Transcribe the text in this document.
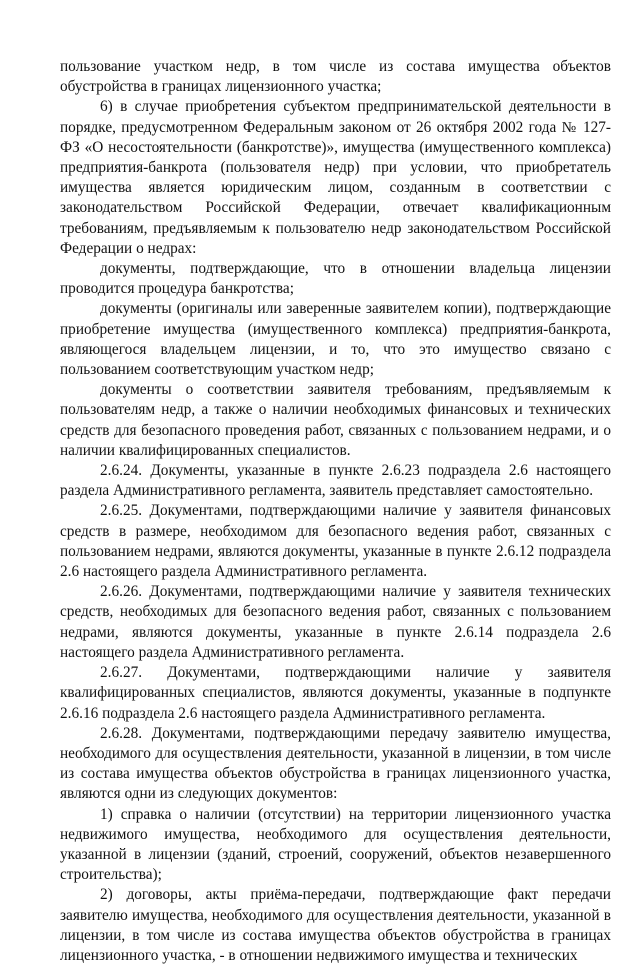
пользование участком недр, в том числе из состава имущества объектов обустройства в границах лицензионного участка;

6) в случае приобретения субъектом предпринимательской деятельности в порядке, предусмотренном Федеральным законом от 26 октября 2002 года № 127-ФЗ «О несостоятельности (банкротстве)», имущества (имущественного комплекса) предприятия-банкрота (пользователя недр) при условии, что приобретатель имущества является юридическим лицом, созданным в соответствии с законодательством Российской Федерации, отвечает квалификационным требованиям, предъявляемым к пользователю недр законодательством Российской Федерации о недрах:

документы, подтверждающие, что в отношении владельца лицензии проводится процедура банкротства;

документы (оригиналы или заверенные заявителем копии), подтверждающие приобретение имущества (имущественного комплекса) предприятия-банкрота, являющегося владельцем лицензии, и то, что это имущество связано с пользованием соответствующим участком недр;

документы о соответствии заявителя требованиям, предъявляемым к пользователям недр, а также о наличии необходимых финансовых и технических средств для безопасного проведения работ, связанных с пользованием недрами, и о наличии квалифицированных специалистов.

2.6.24. Документы, указанные в пункте 2.6.23 подраздела 2.6 настоящего раздела Административного регламента, заявитель представляет самостоятельно.

2.6.25. Документами, подтверждающими наличие у заявителя финансовых средств в размере, необходимом для безопасного ведения работ, связанных с пользованием недрами, являются документы, указанные в пункте 2.6.12 подраздела 2.6 настоящего раздела Административного регламента.

2.6.26. Документами, подтверждающими наличие у заявителя технических средств, необходимых для безопасного ведения работ, связанных с пользованием недрами, являются документы, указанные в пункте 2.6.14 подраздела 2.6 настоящего раздела Административного регламента.

2.6.27. Документами, подтверждающими наличие у заявителя квалифицированных специалистов, являются документы, указанные в подпункте 2.6.16 подраздела 2.6 настоящего раздела Административного регламента.

2.6.28. Документами, подтверждающими передачу заявителю имущества, необходимого для осуществления деятельности, указанной в лицензии, в том числе из состава имущества объектов обустройства в границах лицензионного участка, являются одни из следующих документов:

1) справка о наличии (отсутствии) на территории лицензионного участка недвижимого имущества, необходимого для осуществления деятельности, указанной в лицензии (зданий, строений, сооружений, объектов незавершенного строительства);

2) договоры, акты приёма-передачи, подтверждающие факт передачи заявителю имущества, необходимого для осуществления деятельности, указанной в лицензии, в том числе из состава имущества объектов обустройства в границах лицензионного участка, - в отношении недвижимого имущества и технических
